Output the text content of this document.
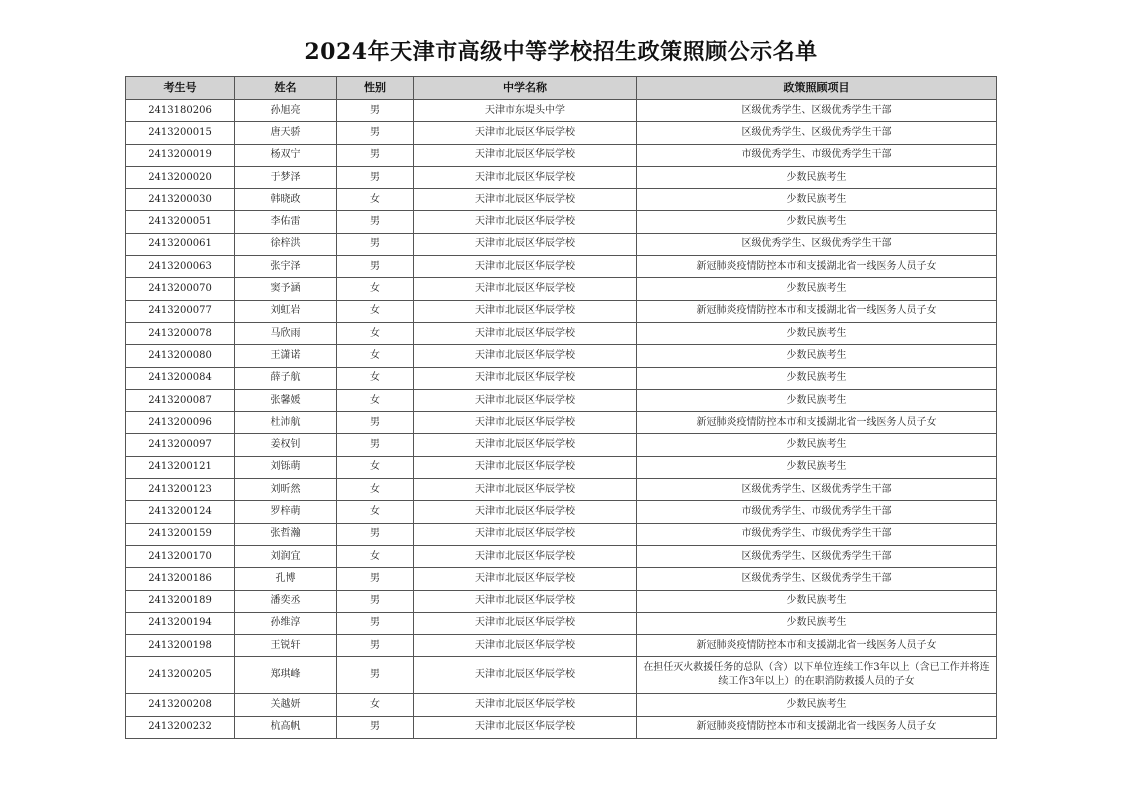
2024年天津市高级中等学校招生政策照顾公示名单
考生号	姓名	性别	中学名称	政策照顾项目
2413180206	孙旭亮	男	天津市东堤头中学	区级优秀学生、区级优秀学生干部
2413200015	唐天骄	男	天津市北辰区华辰学校	区级优秀学生、区级优秀学生干部
2413200019	杨双宁	男	天津市北辰区华辰学校	市级优秀学生、市级优秀学生干部
2413200020	于梦泽	男	天津市北辰区华辰学校	少数民族考生
2413200030	韩晓政	女	天津市北辰区华辰学校	少数民族考生
2413200051	李佑雷	男	天津市北辰区华辰学校	少数民族考生
2413200061	徐梓洪	男	天津市北辰区华辰学校	区级优秀学生、区级优秀学生干部
2413200063	张宇泽	男	天津市北辰区华辰学校	新冠肺炎疫情防控本市和支援湖北省一线医务人员子女
2413200070	窦予涵	女	天津市北辰区华辰学校	少数民族考生
2413200077	刘虹岩	女	天津市北辰区华辰学校	新冠肺炎疫情防控本市和支援湖北省一线医务人员子女
2413200078	马欣雨	女	天津市北辰区华辰学校	少数民族考生
2413200080	王潇诺	女	天津市北辰区华辰学校	少数民族考生
2413200084	薛子航	女	天津市北辰区华辰学校	少数民族考生
2413200087	张馨媛	女	天津市北辰区华辰学校	少数民族考生
2413200096	杜沛航	男	天津市北辰区华辰学校	新冠肺炎疫情防控本市和支援湖北省一线医务人员子女
2413200097	姜权钊	男	天津市北辰区华辰学校	少数民族考生
2413200121	刘铄萌	女	天津市北辰区华辰学校	少数民族考生
2413200123	刘昕然	女	天津市北辰区华辰学校	区级优秀学生、区级优秀学生干部
2413200124	罗梓萌	女	天津市北辰区华辰学校	市级优秀学生、市级优秀学生干部
2413200159	张哲瀚	男	天津市北辰区华辰学校	市级优秀学生、市级优秀学生干部
2413200170	刘润宜	女	天津市北辰区华辰学校	区级优秀学生、区级优秀学生干部
2413200186	孔博	男	天津市北辰区华辰学校	区级优秀学生、区级优秀学生干部
2413200189	潘奕丞	男	天津市北辰区华辰学校	少数民族考生
2413200194	孙维淳	男	天津市北辰区华辰学校	少数民族考生
2413200198	王锐轩	男	天津市北辰区华辰学校	新冠肺炎疫情防控本市和支援湖北省一线医务人员子女
2413200205	郑琪峰	男	天津市北辰区华辰学校	在担任灭火救援任务的总队（含）以下单位连续工作3年以上（含已工作并将连续工作3年以上）的在职消防救援人员的子女
2413200208	关越妍	女	天津市北辰区华辰学校	少数民族考生
2413200232	杭高帆	男	天津市北辰区华辰学校	新冠肺炎疫情防控本市和支援湖北省一线医务人员子女
